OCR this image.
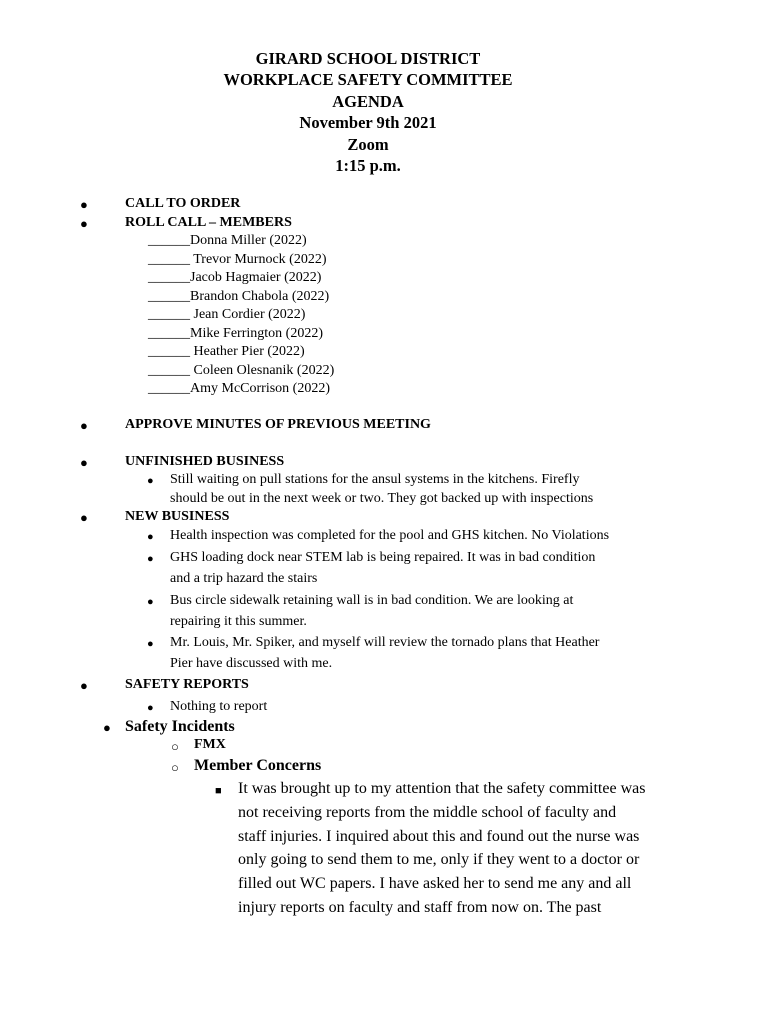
GIRARD SCHOOL DISTRICT
WORKPLACE SAFETY COMMITTEE
AGENDA
November 9th 2021
Zoom
1:15 p.m.
●	CALL TO ORDER
●	ROLL CALL – MEMBERS
______Donna Miller (2022)
______ Trevor Murnock (2022)
______Jacob Hagmaier (2022)
______Brandon Chabola (2022)
______ Jean Cordier (2022)
______Mike Ferrington (2022)
______ Heather Pier (2022)
______ Coleen Olesnanik (2022)
______Amy McCorrison (2022)
●	APPROVE MINUTES OF PREVIOUS MEETING
●	UNFINISHED BUSINESS
● Still waiting on pull stations for the ansul systems in the kitchens. Firefly
should be out in the next week or two. They got backed up with inspections
●	NEW BUSINESS
● Health inspection was completed for the pool and GHS kitchen. No Violations
● GHS loading dock near STEM lab is being repaired. It was in bad condition
and a trip hazard the stairs
● Bus circle sidewalk retaining wall is in bad condition. We are looking at
repairing it this summer.
● Mr. Louis, Mr. Spiker, and myself will review the tornado plans that Heather
Pier have discussed with me.
●	SAFETY REPORTS
● Nothing to report
● Safety Incidents
○ FMX
○ Member Concerns
■ It was brought up to my attention that the safety committee was
not receiving reports from the middle school of faculty and
staff injuries. I inquired about this and found out the nurse was
only going to send them to me, only if they went to a doctor or
filled out WC papers. I have asked her to send me any and all
injury reports on faculty and staff from now on. The past
